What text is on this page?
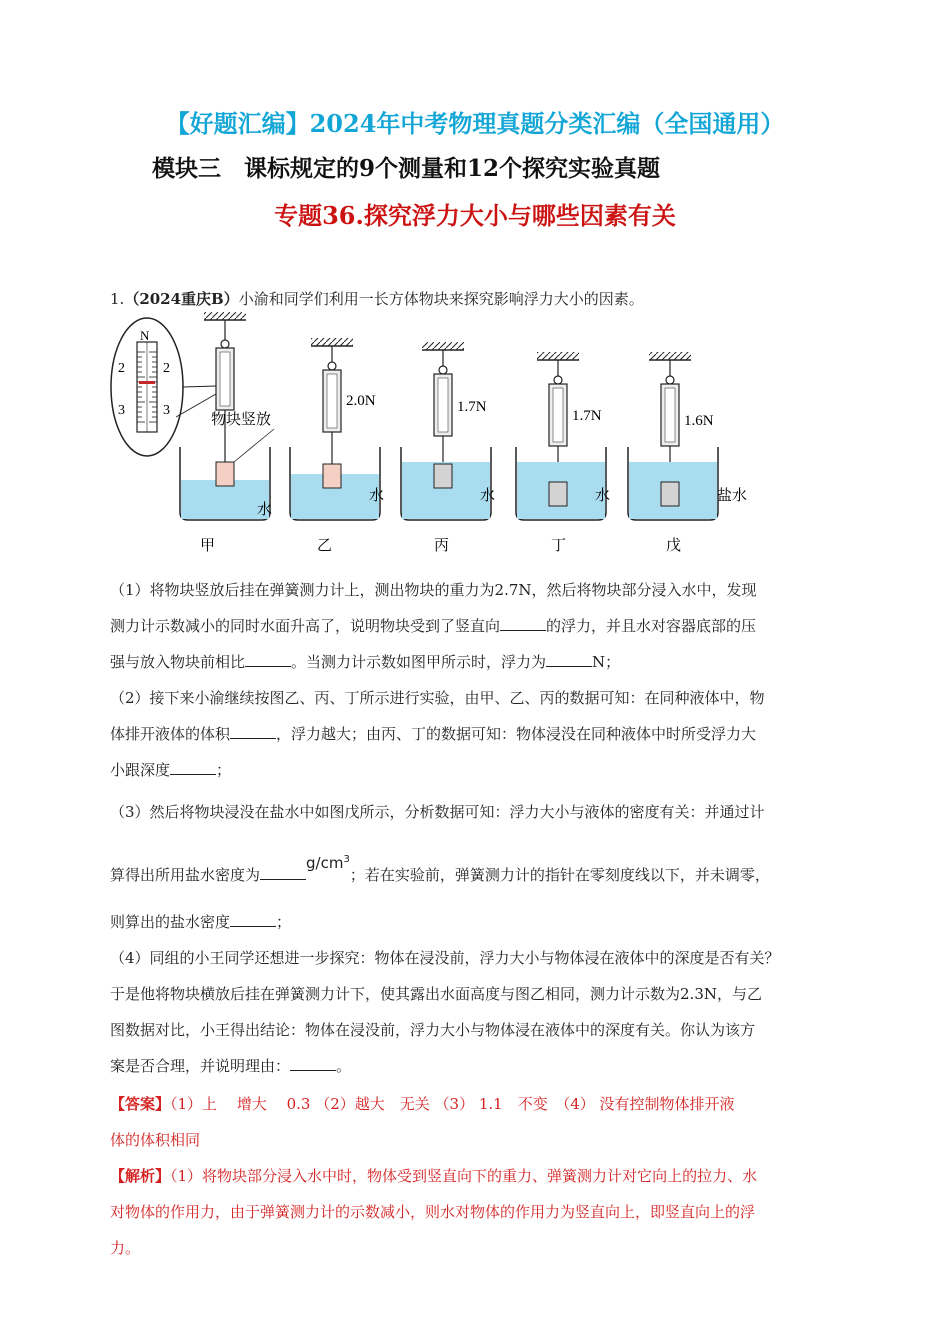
【好题汇编】2024年中考物理真题分类汇编（全国通用）
模块三　课标规定的9个测量和12个探究实验真题
专题36.探究浮力大小与哪些因素有关
1.（2024重庆B）小渝和同学们利用一长方体物块来探究影响浮力大小的因素。
N
2	2
3	3	物块竖放
水
甲
2.0N
水
乙
1.7N
水
丙
1.7N
水
丁
1.6N
盐水
戊
（1）将物块竖放后挂在弹簧测力计上，测出物块的重力为2.7N，然后将物块部分浸入水中，发现
测力计示数减小的同时水面升高了，说明物块受到了竖直向	的浮力，并且水对容器底部的压
强与放入物块前相比	。当测力计示数如图甲所示时，浮力为	N；
（2）接下来小渝继续按图乙、丙、丁所示进行实验，由甲、乙、丙的数据可知：在同种液体中，物
体排开液体的体积	，浮力越大；由丙、丁的数据可知：物体浸没在同种液体中时所受浮力大
小跟深度	；
（3）然后将物块浸没在盐水中如图戊所示，分析数据可知：浮力大小与液体的密度有关：并通过计
算得出所用盐水密度为$g/cm^3$；若在实验前，弹簧测力计的指针在零刻度线以下，并未调零，
则算出的盐水密度	；
（4）同组的小王同学还想进一步探究：物体在浸没前，浮力大小与物体浸在液体中的深度是否有关？
于是他将物块横放后挂在弹簧测力计下，使其露出水面高度与图乙相同，测力计示数为2.3N，与乙
图数据对比，小王得出结论：物体在浸没前，浮力大小与物体浸在液体中的深度有关。你认为该方
案是否合理，并说明理由：	。
【答案】（1）上　 增大　 0.3 （2）越大　无关 （3） 1.1　不变　（4） 没有控制物体排开液
体的体积相同
【解析】（1）将物块部分浸入水中时，物体受到竖直向下的重力、弹簧测力计对它向上的拉力、水
对物体的作用力，由于弹簧测力计的示数减小，则水对物体的作用力为竖直向上，即竖直向上的浮
力。
